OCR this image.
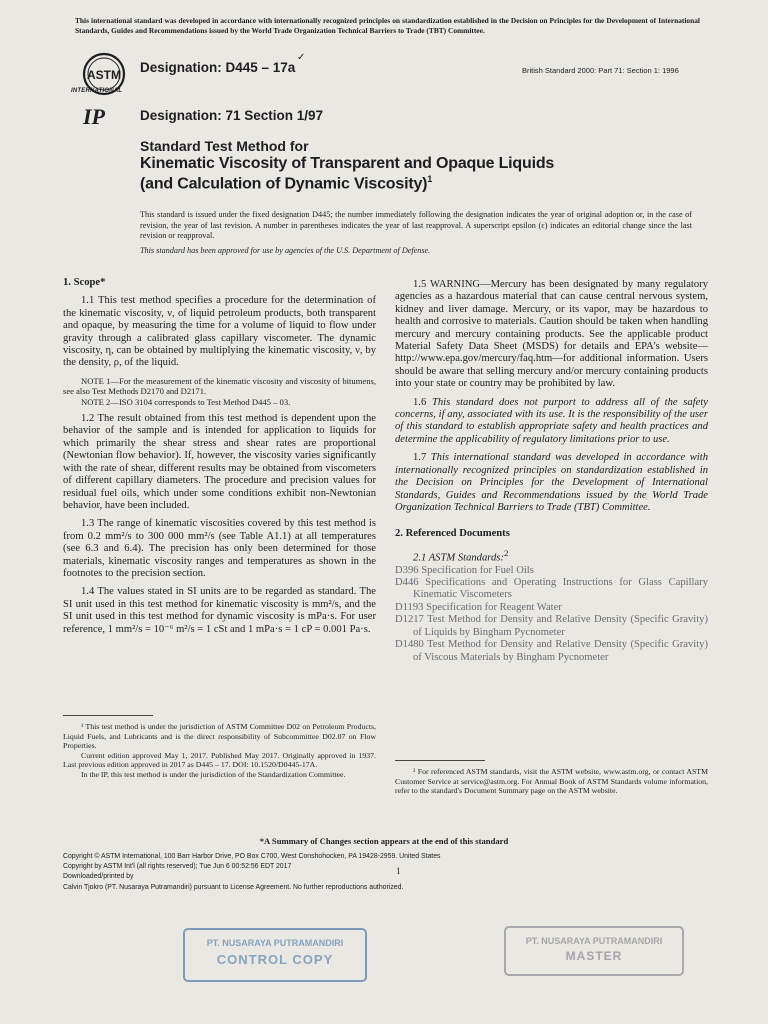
This international standard was developed in accordance with internationally recognized principles on standardization established in the Decision on Principles for the Development of International Standards, Guides and Recommendations issued by the World Trade Organization Technical Barriers to Trade (TBT) Committee.
ASTM
INTERNATIONAL
Designation: D445 – 17a
✓
British Standard 2000: Part 71: Section 1: 1996
IP	Designation: 71 Section 1/97
Standard Test Method for
Kinematic Viscosity of Transparent and Opaque Liquids
(and Calculation of Dynamic Viscosity)$^1$
This standard is issued under the fixed designation D445; the number immediately following the designation indicates the year of original adoption or, in the case of revision, the year of last revision. A number in parentheses indicates the year of last reapproval. A superscript epsilon (ε) indicates an editorial change since the last revision or reapproval.
This standard has been approved for use by agencies of the U.S. Department of Defense.

1. Scope*

1.1 This test method specifies a procedure for the determination of the kinematic viscosity, ν, of liquid petroleum products, both transparent and opaque, by measuring the time for a volume of liquid to flow under gravity through a calibrated glass capillary viscometer. The dynamic viscosity, η, can be obtained by multiplying the kinematic viscosity, ν, by the density, ρ, of the liquid.

NOTE 1—For the measurement of the kinematic viscosity and viscosity of bitumens, see also Test Methods D2170 and D2171.

NOTE 2—ISO 3104 corresponds to Test Method D445 – 03.

1.2 The result obtained from this test method is dependent upon the behavior of the sample and is intended for application to liquids for which primarily the shear stress and shear rates are proportional (Newtonian flow behavior). If, however, the viscosity varies significantly with the rate of shear, different results may be obtained from viscometers of different capillary diameters. The procedure and precision values for residual fuel oils, which under some conditions exhibit non-Newtonian behavior, have been included.

1.3 The range of kinematic viscosities covered by this test method is from 0.2 mm²/s to 300 000 mm²/s (see Table A1.1) at all temperatures (see 6.3 and 6.4). The precision has only been determined for those materials, kinematic viscosity ranges and temperatures as shown in the footnotes to the precision section.

1.4 The values stated in SI units are to be regarded as standard. The SI unit used in this test method for kinematic viscosity is mm²/s, and the SI unit used in this test method for dynamic viscosity is mPa·s. For user reference, 1 mm²/s = 10⁻⁶ m²/s = 1 cSt and 1 mPa·s = 1 cP = 0.001 Pa·s.

¹ This test method is under the jurisdiction of ASTM Committee D02 on Petroleum Products, Liquid Fuels, and Lubricants and is the direct responsibility of Subcommittee D02.07 on Flow Properties.

Current edition approved May 1, 2017. Published May 2017. Originally approved in 1937. Last previous edition approved in 2017 as D445 – 17. DOI: 10.1520/D0445-17A.

In the IP, this test method is under the jurisdiction of the Standardization Committee.

1.5 WARNING—Mercury has been designated by many regulatory agencies as a hazardous material that can cause central nervous system, kidney and liver damage. Mercury, or its vapor, may be hazardous to health and corrosive to materials. Caution should be taken when handling mercury and mercury containing products. See the applicable product Material Safety Data Sheet (MSDS) for details and EPA's website—http://www.epa.gov/mercury/faq.htm—for additional information. Users should be aware that selling mercury and/or mercury containing products into your state or country may be prohibited by law.

1.6 This standard does not purport to address all of the safety concerns, if any, associated with its use. It is the responsibility of the user of this standard to establish appropriate safety and health practices and determine the applicability of regulatory limitations prior to use.

1.7 This international standard was developed in accordance with internationally recognized principles on standardization established in the Decision on Principles for the Development of International Standards, Guides and Recommendations issued by the World Trade Organization Technical Barriers to Trade (TBT) Committee.

2. Referenced Documents

2.1 ASTM Standards:$^2$

D396 Specification for Fuel Oils
D446 Specifications and Operating Instructions for Glass Capillary Kinematic Viscometers
D1193 Specification for Reagent Water
D1217 Test Method for Density and Relative Density (Specific Gravity) of Liquids by Bingham Pycnometer
D1480 Test Method for Density and Relative Density (Specific Gravity) of Viscous Materials by Bingham Pycnometer

² For referenced ASTM standards, visit the ASTM website, www.astm.org, or contact ASTM Customer Service at service@astm.org. For Annual Book of ASTM Standards volume information, refer to the standard's Document Summary page on the ASTM website.

*A Summary of Changes section appears at the end of this standard
Copyright © ASTM International, 100 Barr Harbor Drive, PO Box C700, West Conshohocken, PA 19428-2959. United States
Copyright by ASTM Int'l (all rights reserved); Tue Jun 6 00:52:56 EDT 2017
Downloaded/printed by
Calvin Tjokro (PT. Nusaraya Putramandiri) pursuant to License Agreement. No further reproductions authorized.
1
PT. NUSARAYA PUTRAMANDIRI
CONTROL COPY
PT. NUSARAYA PUTRAMANDIRI
MASTER
